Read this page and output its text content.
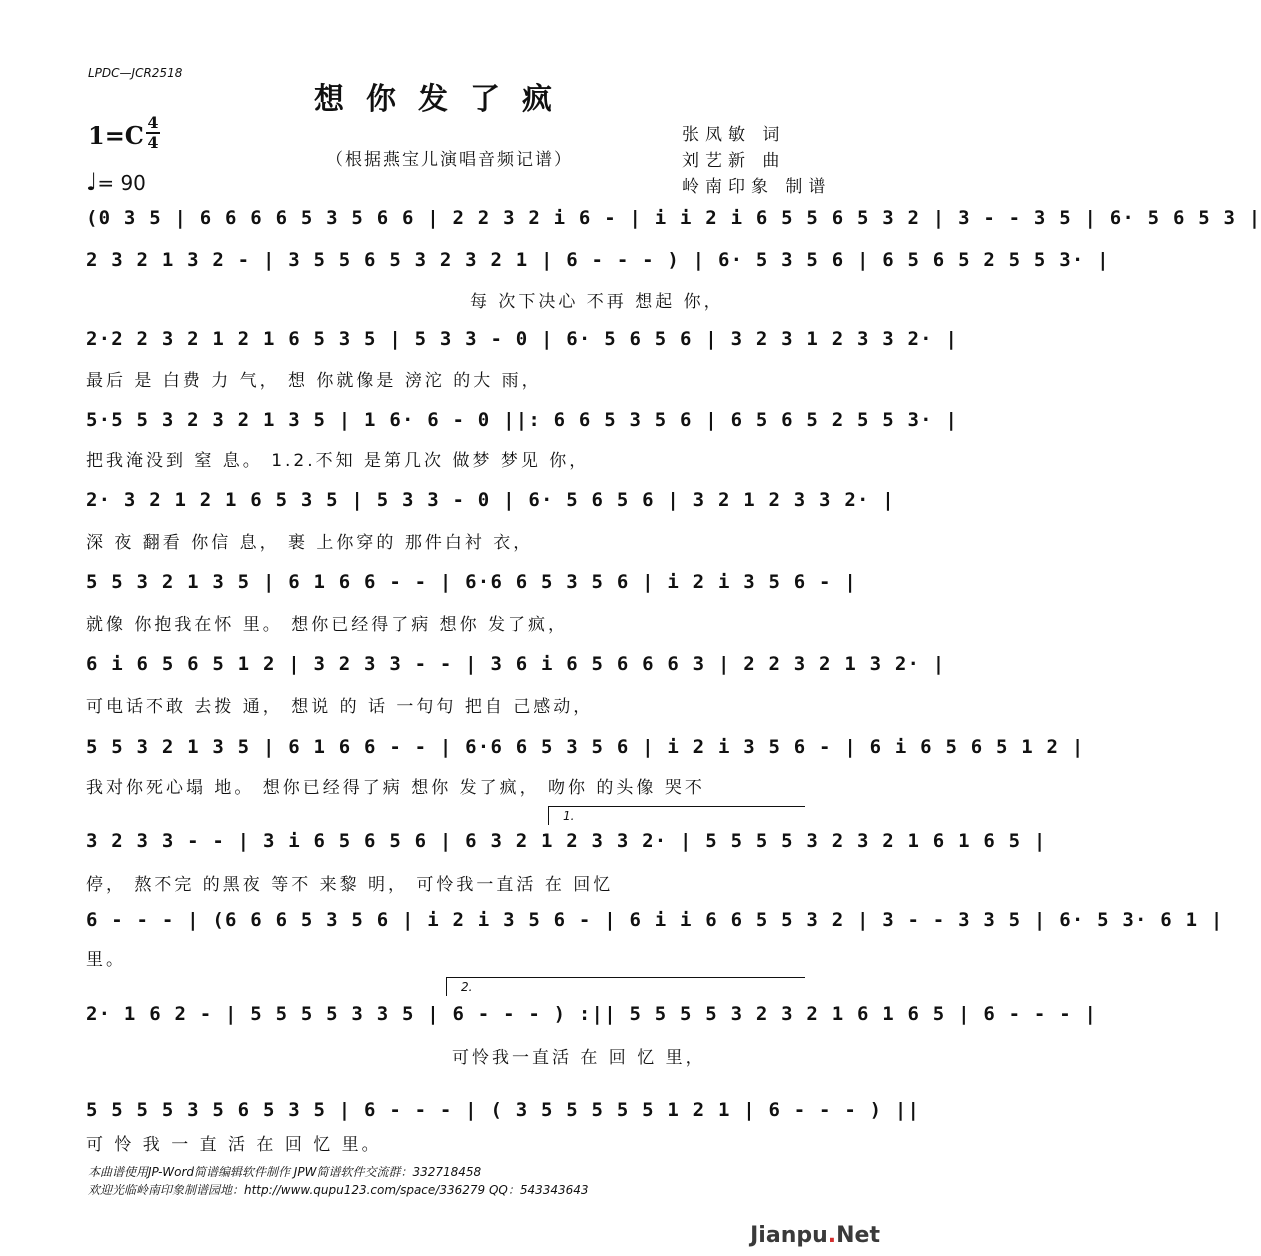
LPDC—JCR2518
想你发了疯
1=C 4
4
♩= 90
（根据燕宝儿演唱音频记谱）
张凤敏 词
刘艺新 曲
岭南印象 制谱
(0 3 5 | 6 6 6 6 5 3 5 6 6 | 2 2 3 2 i 6 - | i i 2 i 6 5 5 6 5 3 2 | 3 - - 3 5 | 6· 5 6 5 3 |
2 3 2 1 3 2 - | 3 5 5 6 5 3 2 3 2 1 | 6 - - - ) | 6· 5 3 5 6 | 6 5 6 5 2 5 5 3· |
每 次下决心 不再 想起 你，
2·2 2 3 2 1 2 1 6 5 3 5 | 5 3 3 - 0 | 6· 5 6 5 6 | 3 2 3 1 2 3 3 2· |
最后 是 白费 力 气， 想 你就像是 滂沱 的大 雨，
5·5 5 3 2 3 2 1 3 5 | 1 6· 6 - 0 ||: 6 6 5 3 5 6 | 6 5 6 5 2 5 5 3· |
把我淹没到 窒 息。 1.2.不知 是第几次 做梦 梦见 你，
2· 3 2 1 2 1 6 5 3 5 | 5 3 3 - 0 | 6· 5 6 5 6 | 3 2 1 2 3 3 2· |
深 夜 翻看 你信 息， 裹 上你穿的 那件白衬 衣，
5 5 3 2 1 3 5 | 6 1 6 6 - - | 6·6 6 5 3 5 6 | i 2 i 3 5 6 - |
就像 你抱我在怀 里。 想你已经得了病 想你 发了疯，
6 i 6 5 6 5 1 2 | 3 2 3 3 - - | 3 6 i 6 5 6 6 6 3 | 2 2 3 2 1 3 2· |
可电话不敢 去拨 通， 想说 的 话 一句句 把自 己感动，
5 5 3 2 1 3 5 | 6 1 6 6 - - | 6·6 6 5 3 5 6 | i 2 i 3 5 6 - | 6 i 6 5 6 5 1 2 |
我对你死心塌 地。 想你已经得了病 想你 发了疯， 吻你 的头像 哭不
1.
3 2 3 3 - - | 3 i 6 5 6 5 6 | 6 3 2 1 2 3 3 2· | 5 5 5 5 3 2 3 2 1 6 1 6 5 |
停， 熬不完 的黑夜 等不 来黎 明， 可怜我一直活 在 回忆
6 - - - | (6 6 6 5 3 5 6 | i 2 i 3 5 6 - | 6 i i 6 6 5 5 3 2 | 3 - - 3 3 5 | 6· 5 3· 6 1 |
里。
2.
2· 1 6 2 - | 5 5 5 5 3 3 5 | 6 - - - ) :|| 5 5 5 5 3 2 3 2 1 6 1 6 5 | 6 - - - |
可怜我一直活 在 回 忆 里，
5 5 5 5 3 5 6 5 3 5 | 6 - - - | ( 3 5 5 5 5 5 1 2 1 | 6 - - - ) ||
可 怜 我 一 直 活 在 回 忆 里。
本曲谱使用JP-Word简谱编辑软件制作 JPW简谱软件交流群：332718458
欢迎光临岭南印象制谱园地：http://www.qupu123.com/space/336279 QQ：543343643
Jianpu.Net
